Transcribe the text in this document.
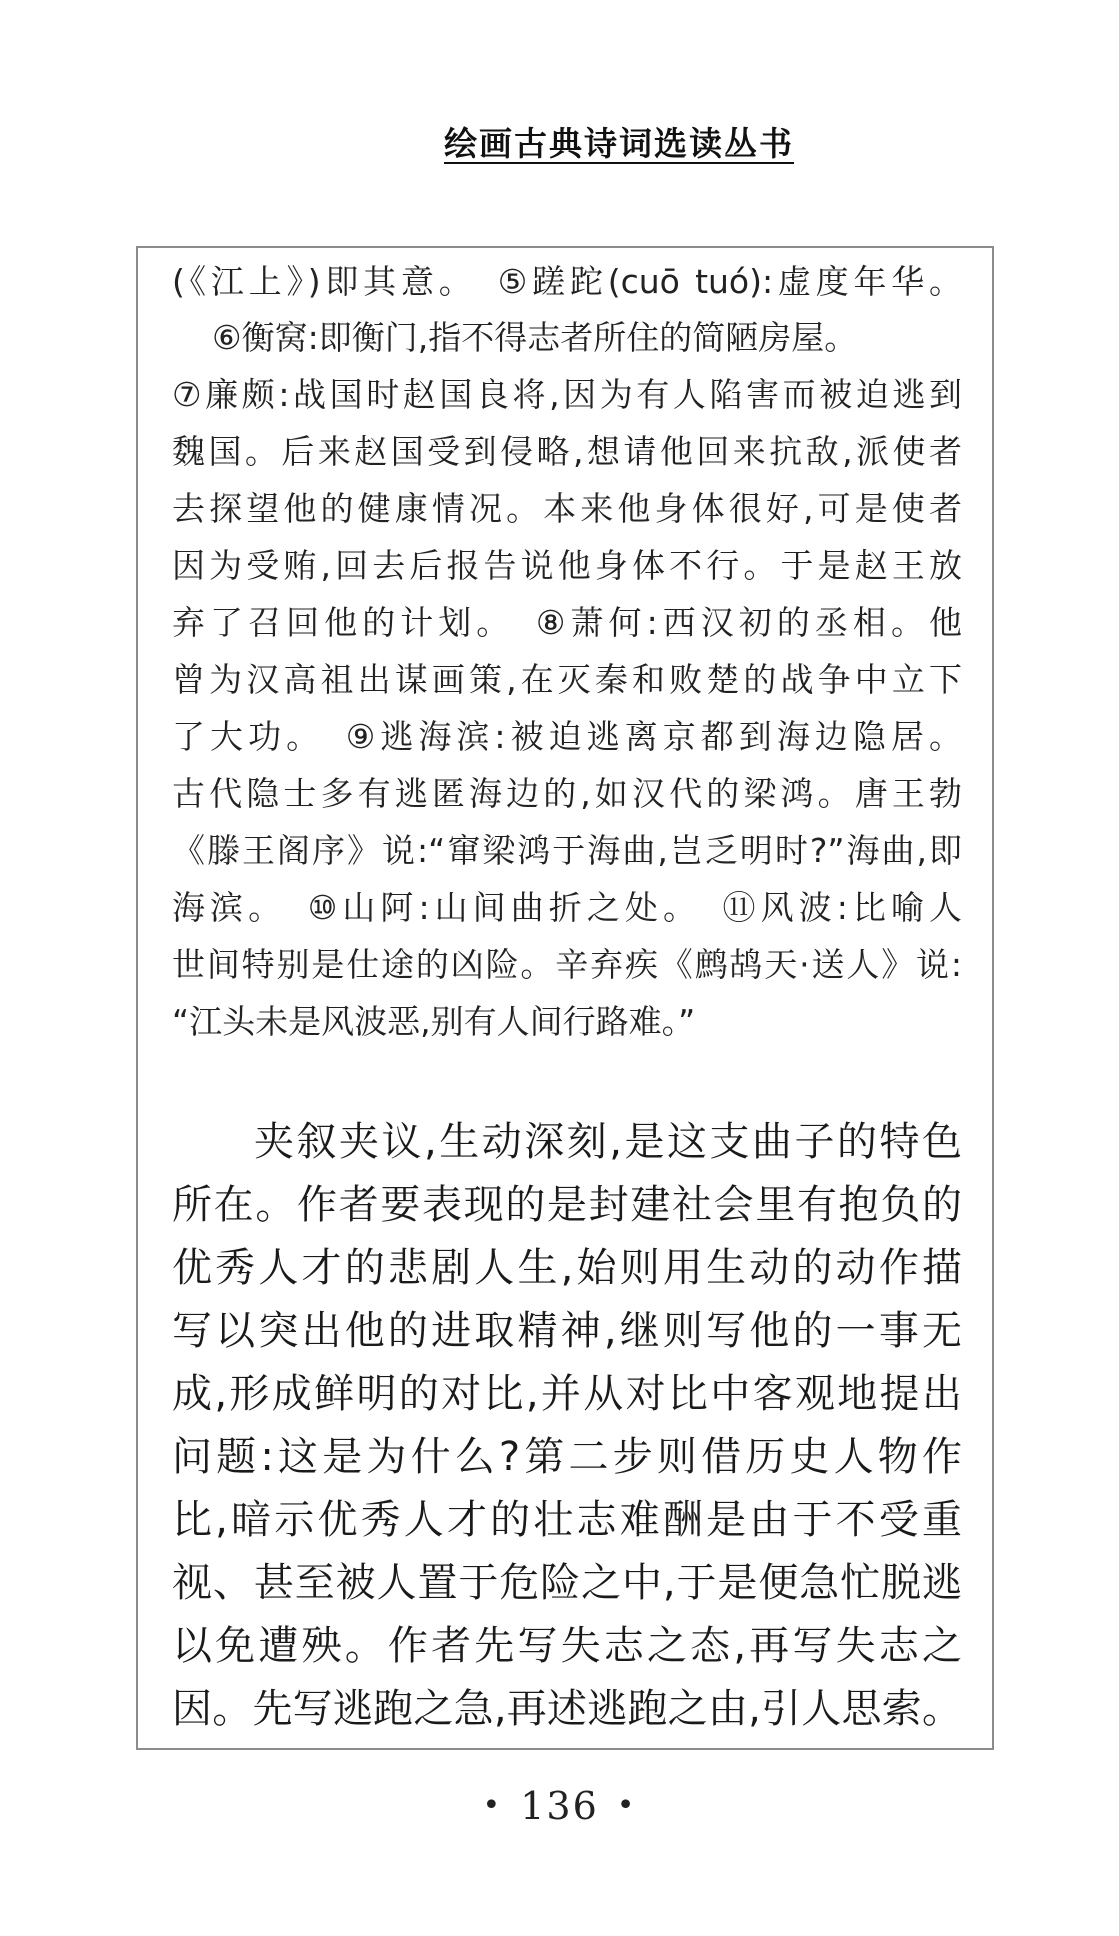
绘画古典诗词选读丛书
(《江上》)即其意。　⑤蹉跎(cuō tuó):虚度年华。
⑥衡窝:即衡门,指不得志者所住的简陋房屋。
⑦廉颇:战国时赵国良将,因为有人陷害而被迫逃到
魏国。后来赵国受到侵略,想请他回来抗敌,派使者
去探望他的健康情况。本来他身体很好,可是使者
因为受贿,回去后报告说他身体不行。于是赵王放
弃了召回他的计划。　⑧萧何:西汉初的丞相。他
曾为汉高祖出谋画策,在灭秦和败楚的战争中立下
了大功。　⑨逃海滨:被迫逃离京都到海边隐居。
古代隐士多有逃匿海边的,如汉代的梁鸿。唐王勃
《滕王阁序》说:“窜梁鸿于海曲,岂乏明时?”海曲,即
海滨。　⑩山阿:山间曲折之处。　⑪风波:比喻人
世间特别是仕途的凶险。辛弃疾《鹧鸪天·送人》说:
“江头未是风波恶,别有人间行路难。”
夹叙夹议,生动深刻,是这支曲子的特色
所在。作者要表现的是封建社会里有抱负的
优秀人才的悲剧人生,始则用生动的动作描
写以突出他的进取精神,继则写他的一事无
成,形成鲜明的对比,并从对比中客观地提出
问题:这是为什么?第二步则借历史人物作
比,暗示优秀人才的壮志难酬是由于不受重
视、甚至被人置于危险之中,于是便急忙脱逃
以免遭殃。作者先写失志之态,再写失志之
因。先写逃跑之急,再述逃跑之由,引人思索。
• 136 •
